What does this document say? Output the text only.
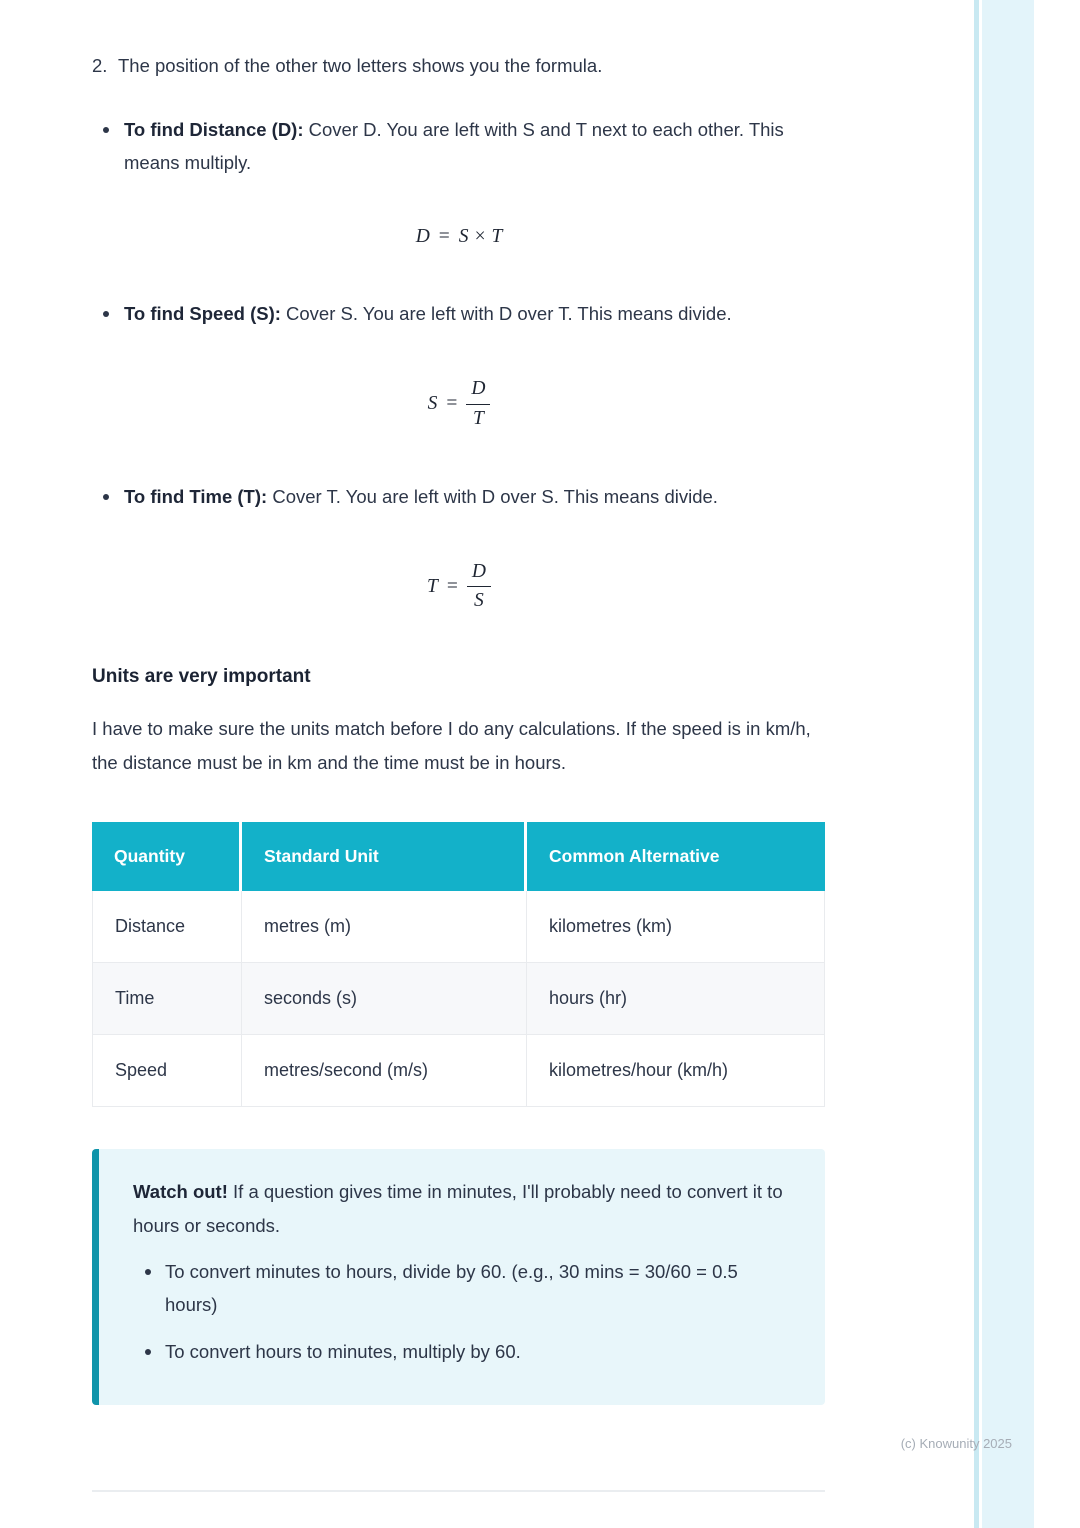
2. The position of the other two letters shows you the formula.
To find Distance (D): Cover D. You are left with S and T next to each other. This means multiply.
D = S × T
To find Speed (S): Cover S. You are left with D over T. This means divide.
$S = \frac{D}{T}$
To find Time (T): Cover T. You are left with D over S. This means divide.
$T = \frac{D}{S}$
Units are very important

I have to make sure the units match before I do any calculations. If the speed is in km/h, the distance must be in km and the time must be in hours.

Quantity	Standard Unit	Common Alternative
Distance	metres (m)	kilometres (km)
Time	seconds (s)	hours (hr)
Speed	metres/second (m/s)	kilometres/hour (km/h)

Watch out! If a question gives time in minutes, I'll probably need to convert it to hours or seconds.

To convert minutes to hours, divide by 60. (e.g., 30 mins = 30/60 = 0.5 hours)
To convert hours to minutes, multiply by 60.
(c) Knowunity 2025
